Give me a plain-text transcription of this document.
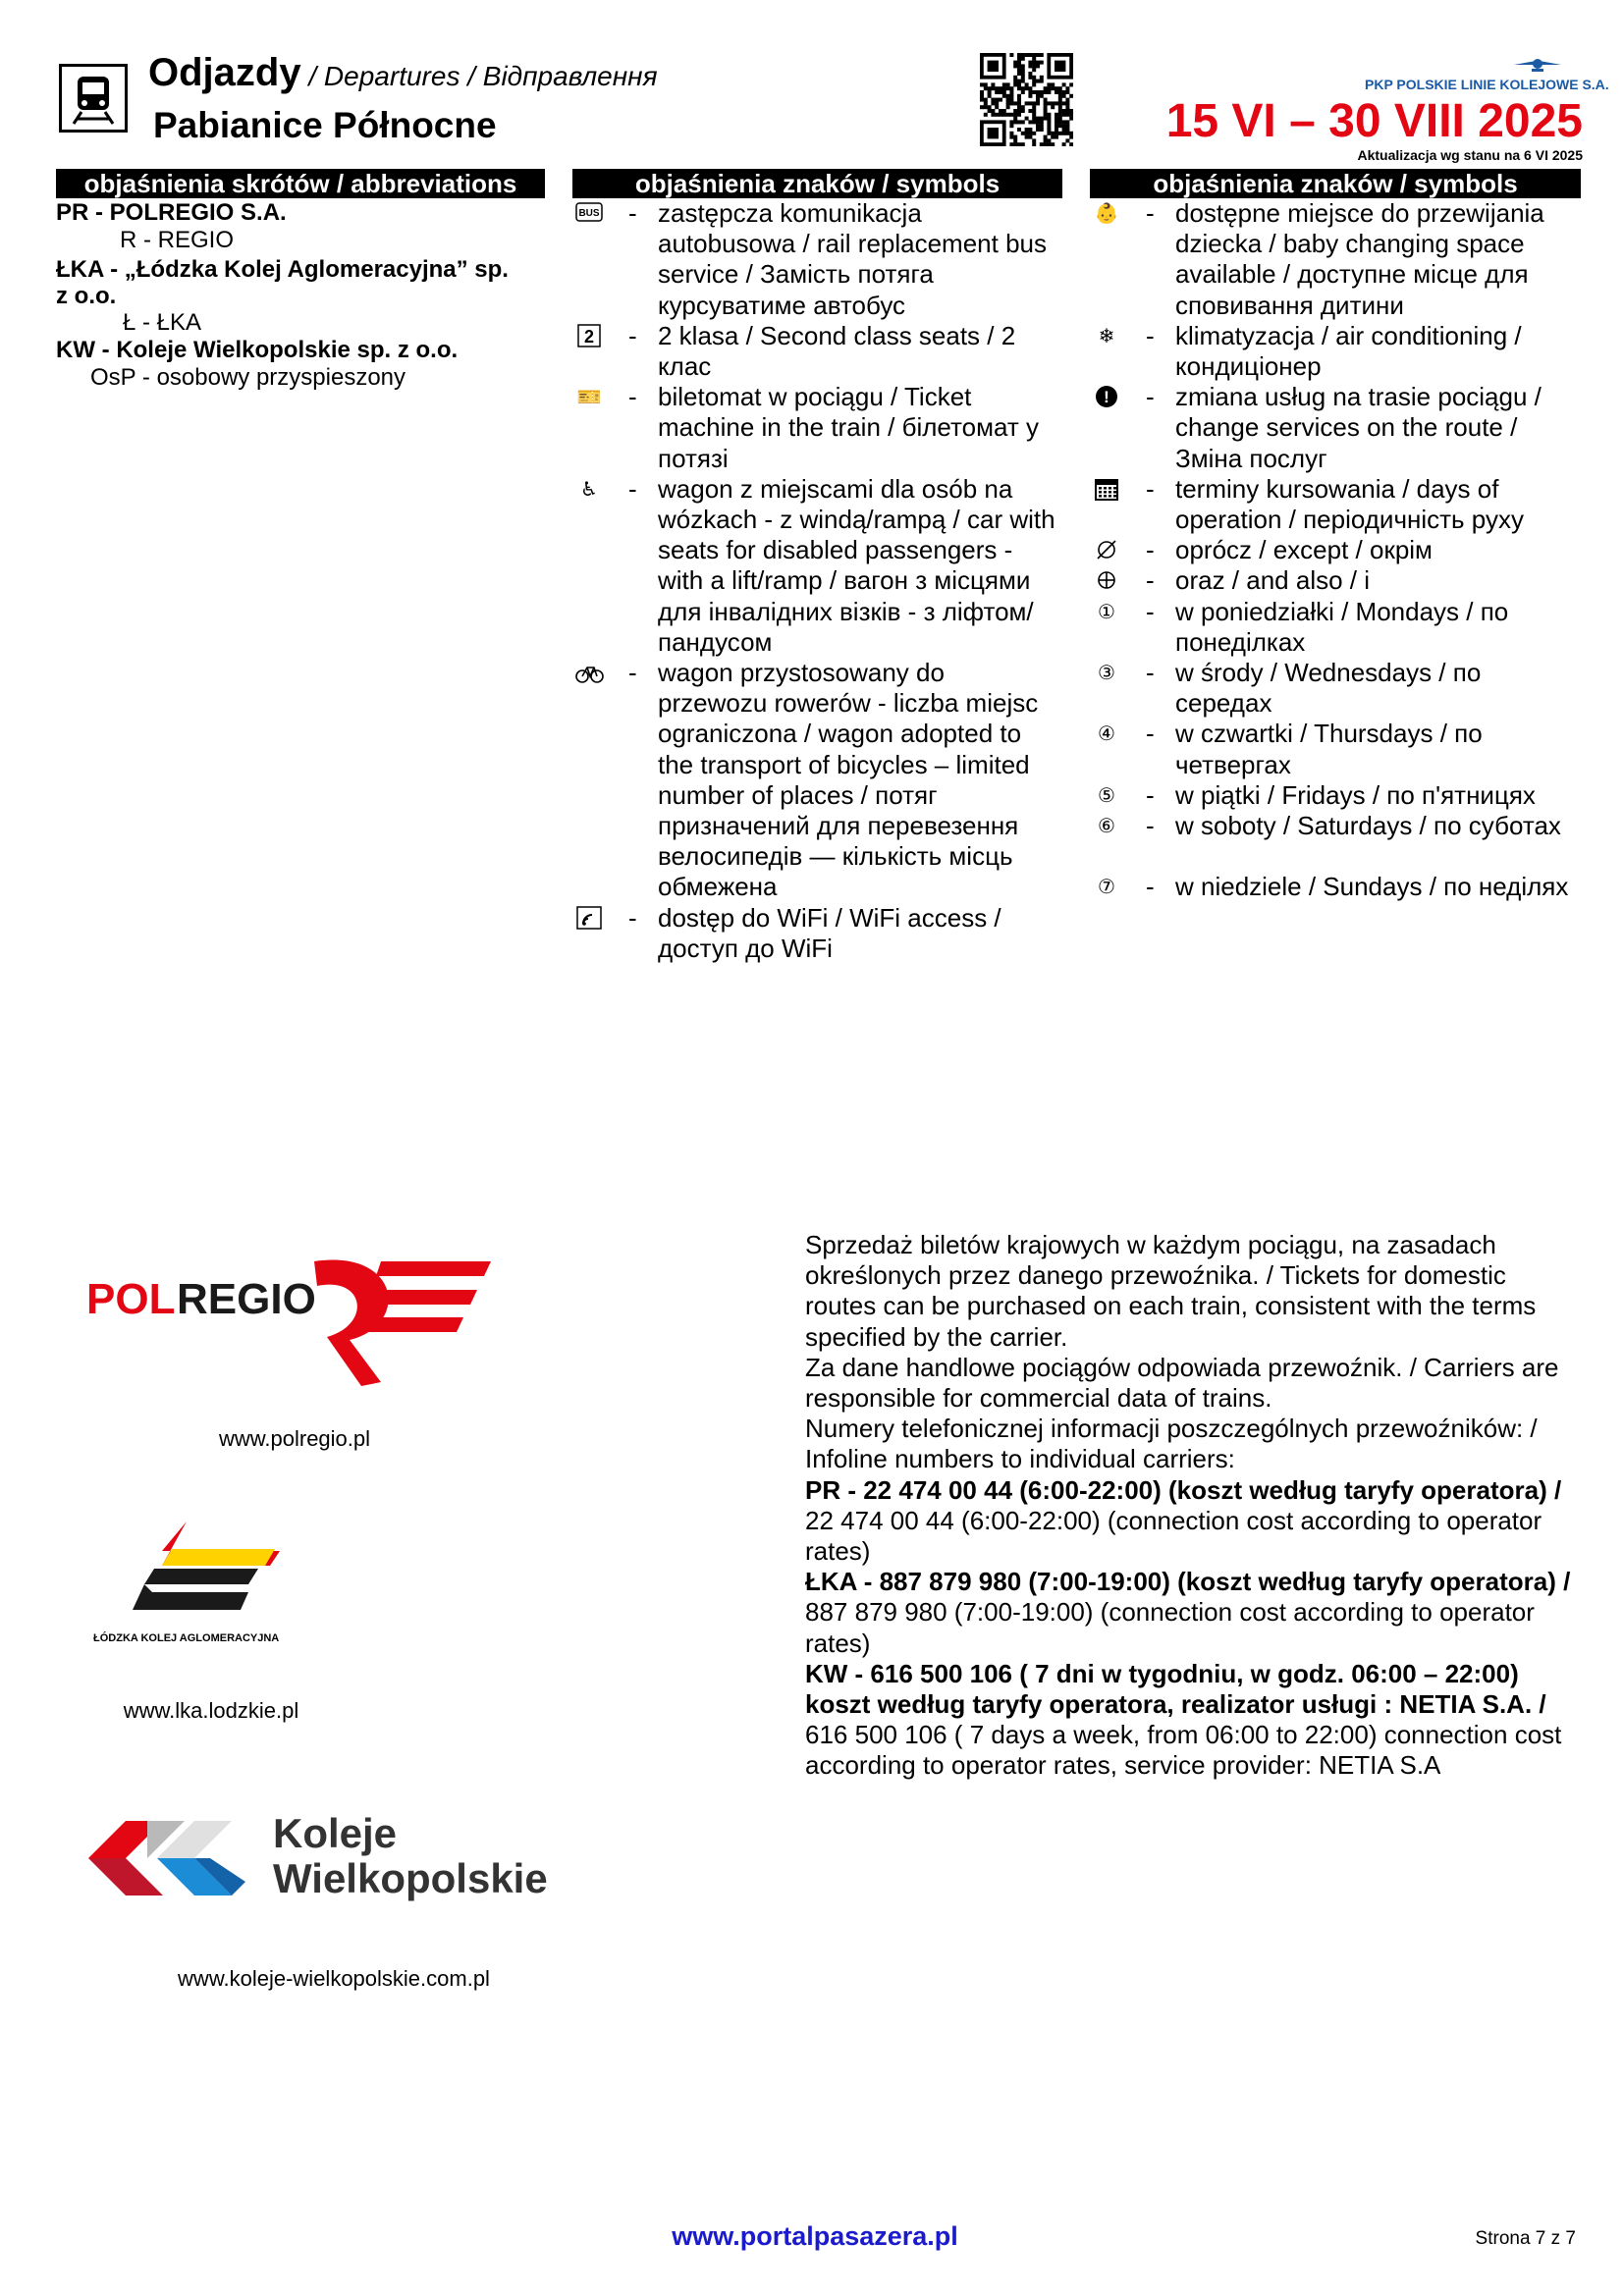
Odjazdy / Departures / Відправлення
Pabianice Północne
PKP POLSKIE LINIE KOLEJOWE S.A.
15 VI – 30 VIII 2025
Aktualizacja wg stanu na 6 VI 2025
objaśnienia skrótów / abbreviations	objaśnienia znaków / symbols	objaśnienia znaków / symbols
PR - POLREGIO S.A.
R - REGIO
ŁKA - „Łódzka Kolej Aglomeracyjna” sp.
z o.o.
Ł - ŁKA
KW - Koleje Wielkopolskie sp. z o.o.
OsP - osobowy przyspieszony
BUS - zastępcza komunikacja autobusowa / rail replacement bus service / Замість потяга курсуватиме автобус
2 - 2 klasa / Second class seats / 2 клас
🎫 - biletomat w pociągu / Ticket machine in the train / білетомат у потязі
♿ - wagon z miejscami dla osób na wózkach - z windą/rampą / car with seats for disabled passengers - with a lift/ramp / вагон з місцями для інвалідних візків - з ліфтом/пандусом
- wagon przystosowany do przewozu rowerów - liczba miejsc ograniczona / wagon adopted to the transport of bicycles – limited number of places / потяг призначений для перевезення велосипедів — кількість місць обмежена
- dostęp do WiFi / WiFi access / доступ до WiFi
👶 - dostępne miejsce do przewijania dziecka / baby changing space available / доступне місце для сповивання дитини
❄ - klimatyzacja / air conditioning / кондиціонер
! - zmiana usług na trasie pociągu / change services on the route / Зміна послуг
- terminy kursowania / days of operation / періодичність руху
- oprócz / except / окрім
- oraz / and also / і
① - w poniedziałki / Mondays / по понеділках
③ - w środy / Wednesdays / по середах
④ - w czwartki / Thursdays / по четвергах
⑤ - w piątki / Fridays / по п'ятницях
⑥ - w soboty / Saturdays / по суботах
⑦ - w niedziele / Sundays / по неділях
POL REGIO
www.polregio.pl
ŁÓDZKA KOLEJ AGLOMERACYJNA
www.lka.lodzkie.pl
Koleje
Wielkopolskie
www.koleje-wielkopolskie.com.pl

Sprzedaż biletów krajowych w każdym pociągu, na zasadach określonych przez danego przewoźnika. / Tickets for domestic routes can be purchased on each train, consistent with the terms specified by the carrier.

Za dane handlowe pociągów odpowiada przewoźnik. / Carriers are responsible for commercial data of trains.

Numery telefonicznej informacji poszczególnych przewoźników: / Infoline numbers to individual carriers:

PR - 22 474 00 44 (6:00-22:00) (koszt według taryfy operatora) / 22 474 00 44 (6:00-22:00) (connection cost according to operator rates)

ŁKA - 887 879 980 (7:00-19:00) (koszt według taryfy operatora) / 887 879 980 (7:00-19:00) (connection cost according to operator rates)

KW - 616 500 106 ( 7 dni w tygodniu, w godz. 06:00 – 22:00) koszt według taryfy operatora, realizator usługi : NETIA S.A. / 616 500 106 ( 7 days a week, from 06:00 to 22:00) connection cost according to operator rates, service provider: NETIA S.A

www.portalpasazera.pl	Strona 7 z 7
